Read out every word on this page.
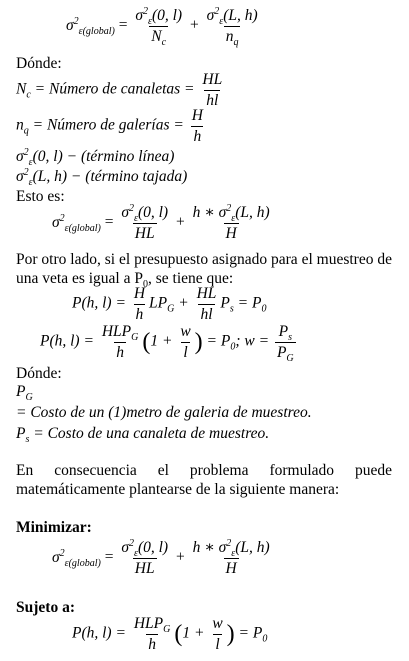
$\sigma^2_{\varepsilon(global)} = \frac{\sigma^2_\varepsilon(0, l)}{N_c} + \frac{\sigma^2_\varepsilon(L, h)}{n_q}$
Dónde:
$N_c$ = Número de canaletas = $\frac{HL}{hl}$
$n_q$ = Número de galerías = $\frac{H}{h}$
$\sigma^2_\varepsilon(0$, l) − (término línea)
$\sigma^2_\varepsilon(L$, h) − (término tajada)
Esto es:
$\sigma^2_{\varepsilon(global)} = \frac{\sigma^2_\varepsilon(0, l)}{HL} + \frac{h ∗ \sigma^2_\varepsilon(L, h)}{H}$
Por otro lado, si el presupuesto asignado para el muestreo de una veta es igual a $P_0$, se tiene que:
P(h, $l) = \frac{H}{h} LP_G + \frac{HL}{hl} P_s = P_0$
P(h, $l) = \frac{HLP_G}{h} (1 + \frac{w}{l}$ ) = $P_0$; $w = \frac{P_s}{P_G}$
Dónde:
$P_G$
= Costo de un (1)metro de galeria de muestreo.
$P_s$ = Costo de una canaleta de muestreo.
En consecuencia el problema formulado puede matemáticamente plantearse de la siguiente manera:
Minimizar:
$\sigma^2_{\varepsilon(global)} = \frac{\sigma^2_\varepsilon(0, l)}{HL} + \frac{h ∗ \sigma^2_\varepsilon(L, h)}{H}$
Sujeto a:
P(h, $l) = \frac{HLP_G}{h} (1 + \frac{w}{l}$ ) = $P_0$
